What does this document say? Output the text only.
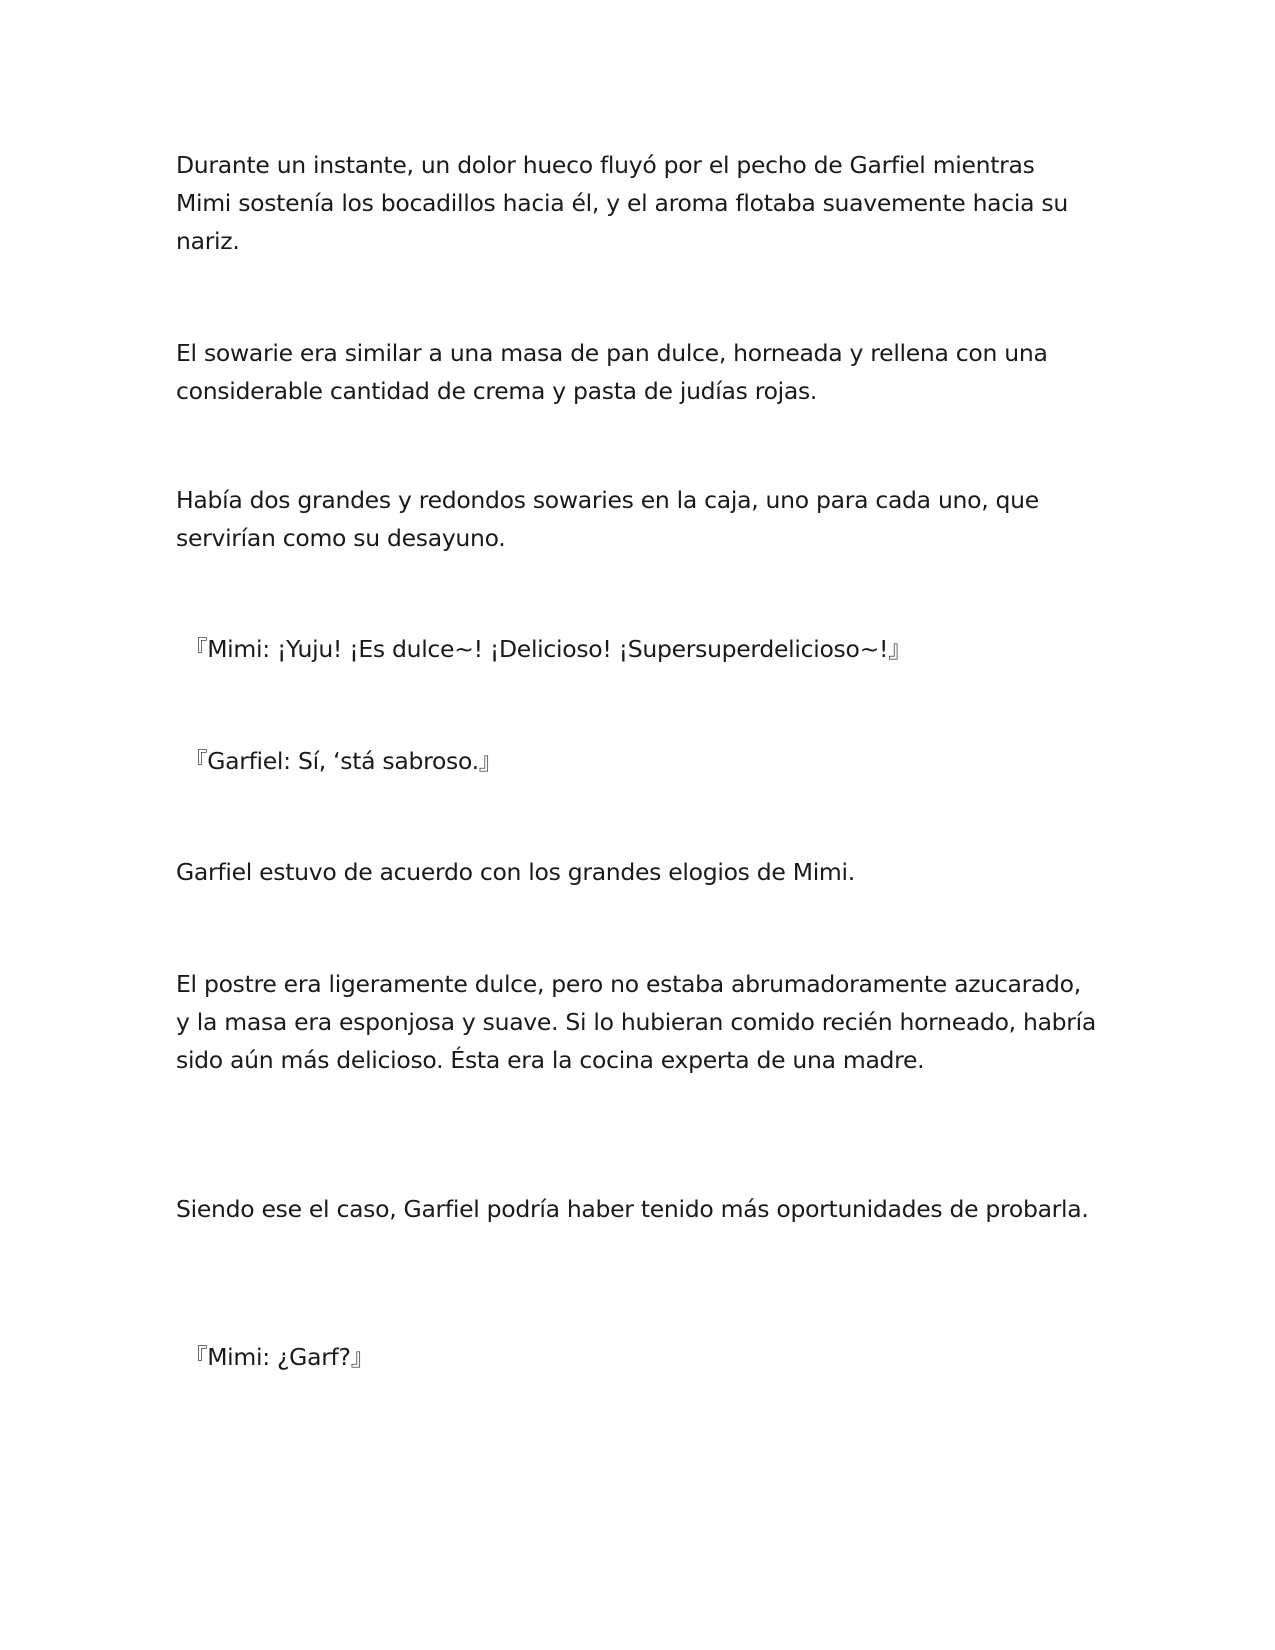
Durante un instante, un dolor hueco fluyó por el pecho de Garfiel mientras Mimi sostenía los bocadillos hacia él, y el aroma flotaba suavemente hacia su nariz.

El sowarie era similar a una masa de pan dulce, horneada y rellena con una considerable cantidad de crema y pasta de judías rojas.

Había dos grandes y redondos sowaries en la caja, uno para cada uno, que servirían como su desayuno.

『Mimi: ¡Yuju! ¡Es dulce~! ¡Delicioso! ¡Supersuperdelicioso~!』

『Garfiel: Sí, ‘stá sabroso.』

Garfiel estuvo de acuerdo con los grandes elogios de Mimi.

El postre era ligeramente dulce, pero no estaba abrumadoramente azucarado, y la masa era esponjosa y suave. Si lo hubieran comido recién horneado, habría sido aún más delicioso. Ésta era la cocina experta de una madre.

Siendo ese el caso, Garfiel podría haber tenido más oportunidades de probarla.

『Mimi: ¿Garf?』
